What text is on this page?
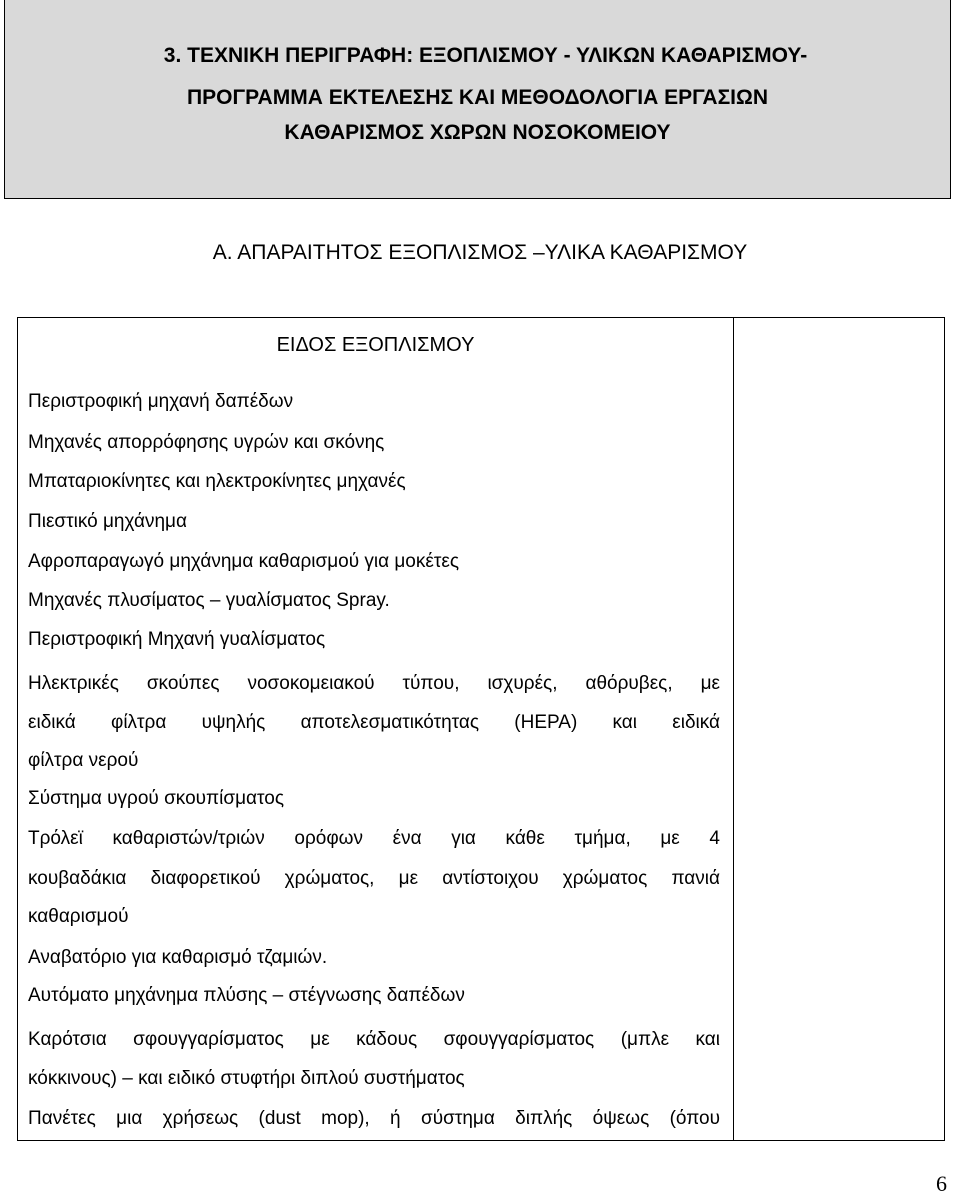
3. ΤΕΧΝΙΚΗ ΠΕΡΙΓΡΑΦΗ: ΕΞΟΠΛΙΣΜΟΥ - ΥΛΙΚΩΝ ΚΑΘΑΡΙΣΜΟΥ-
ΠΡΟΓΡΑΜΜΑ ΕΚΤΕΛΕΣΗΣ ΚΑΙ ΜΕΘΟΔΟΛΟΓΙΑ ΕΡΓΑΣΙΩΝ
ΚΑΘΑΡΙΣΜΟΣ ΧΩΡΩΝ ΝΟΣΟΚΟΜΕΙΟΥ
Α. ΑΠΑΡΑΙΤΗΤΟΣ ΕΞΟΠΛΙΣΜΟΣ –ΥΛΙΚΑ ΚΑΘΑΡΙΣΜΟΥ
ΕΙΔΟΣ ΕΞΟΠΛΙΣΜΟΥ
Περιστροφική μηχανή δαπέδων
Μηχανές απορρόφησης υγρών και σκόνης
Μπαταριοκίνητες και ηλεκτροκίνητες μηχανές
Πιεστικό μηχάνημα
Αφροπαραγωγό μηχάνημα καθαρισμού για μοκέτες
Μηχανές πλυσίματος – γυαλίσματος Spray.
Περιστροφική Μηχανή γυαλίσματος
Ηλεκτρικές σκούπες νοσοκομειακού τύπου, ισχυρές, αθόρυβες, με
ειδικά φίλτρα υψηλής αποτελεσματικότητας (HEPA) και ειδικά
φίλτρα νερού
Σύστημα υγρού σκουπίσματος
Τρόλεϊ καθαριστών/τριών ορόφων ένα για κάθε τμήμα, με 4
κουβαδάκια διαφορετικού χρώματος, με αντίστοιχου χρώματος πανιά
καθαρισμού
Αναβατόριο για καθαρισμό τζαμιών.
Αυτόματο μηχάνημα πλύσης – στέγνωσης δαπέδων
Καρότσια σφουγγαρίσματος με κάδους σφουγγαρίσματος (μπλε και
κόκκινους) – και ειδικό στυφτήρι διπλού συστήματος
Πανέτες μια χρήσεως (dust mop), ή σύστημα διπλής όψεως (όπου
6
